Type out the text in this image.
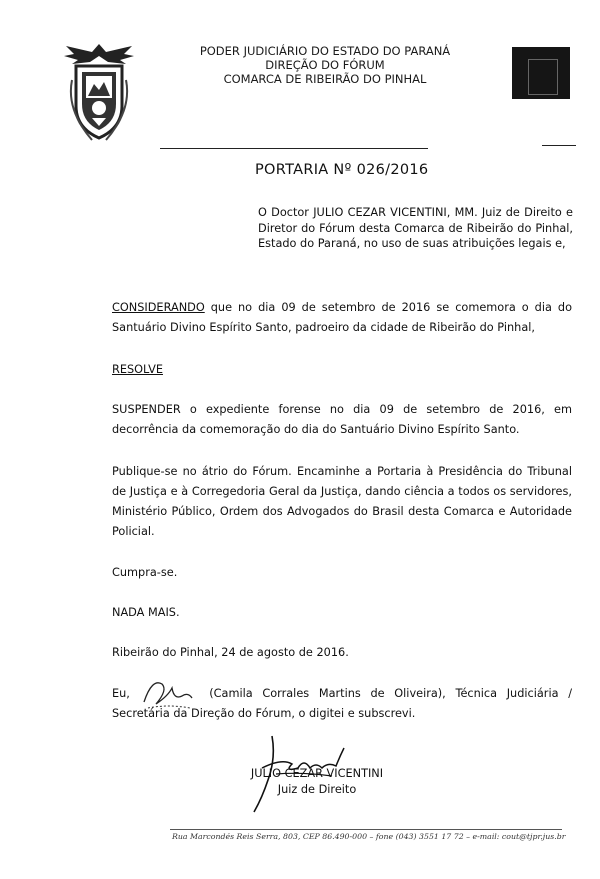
PODER JUDICIÁRIO DO ESTADO DO PARANÁ
DIREÇÃO DO FÓRUM
COMARCA DE RIBEIRÃO DO PINHAL
PORTARIA Nº 026/2016
O Doctor JULIO CEZAR VICENTINI, MM. Juiz de Direito e Diretor do Fórum desta Comarca de Ribeirão do Pinhal, Estado do Paraná, no uso de suas atribuições legais e,
CONSIDERANDO que no dia 09 de setembro de 2016 se comemora o dia do Santuário Divino Espírito Santo, padroeiro da cidade de Ribeirão do Pinhal,
RESOLVE
SUSPENDER o expediente forense no dia 09 de setembro de 2016, em decorrência da comemoração do dia do Santuário Divino Espírito Santo.
Publique-se no átrio do Fórum. Encaminhe a Portaria à Presidência do Tribunal de Justiça e à Corregedoria Geral da Justiça, dando ciência a todos os servidores, Ministério Público, Ordem dos Advogados do Brasil desta Comarca e Autoridade Policial.
Cumpra-se.
NADA MAIS.
Ribeirão do Pinhal, 24 de agosto de 2016.
Eu,	(Camila Corrales Martins de Oliveira), Técnica Judiciária / Secretária da Direção do Fórum, o digitei e subscrevi.
JULIO CEZAR VICENTINI
Juiz de Direito
Rua Marcondés Reis Serra, 803, CEP 86.490-000 – fone (043) 3551 17 72 – e-mail: cout@tjpr.jus.br
